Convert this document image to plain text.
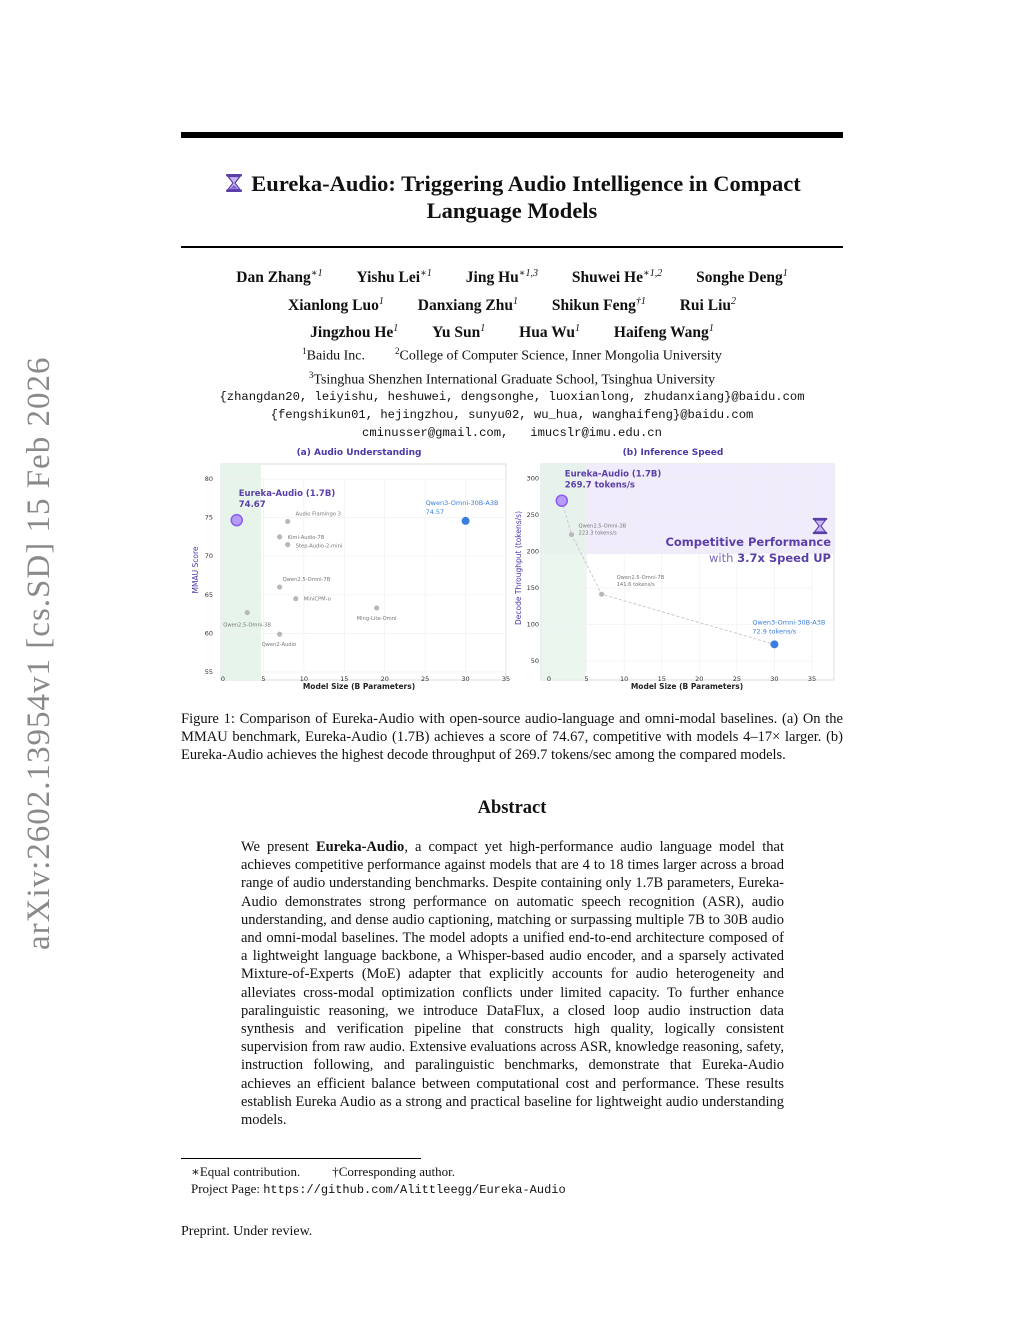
arXiv:2602.13954v1 [cs.SD] 15 Feb 2026
Eureka-Audio: Triggering Audio Intelligence in Compact
Language Models
Dan Zhang$^{∗1}$ Yishu Lei$^{∗1}$ Jing $Hu^{∗1,3}$ Shuwei $He^{∗1,2}$ Songhe Deng$^1$
Xianlong Luo$^1$ Danxiang Zhu$^1$ Shikun Feng$^{\dagger 1}$ Rui Liu$^2$
Jingzhou He$^1$ Yu Sun$^1$ Hua Wu$^1$ Haifeng Wang$^1$
$^1$Baidu Inc.	$^2$College of Computer Science, Inner Mongolia University
$^3$Tsinghua Shenzhen International Graduate School, Tsinghua University
{zhangdan20, leiyishu, heshuwei, dengsonghe, luoxianlong, zhudanxiang}@baidu.com
{fengshikun01, hejingzhou, sunyu02, wu_hua, wanghaifeng}@baidu.com
cminusser@gmail.com, imucslr@imu.edu.cn
(a) Audio Understanding
0	5	10	15	20	25	30	35
55
60
65
70
75
80
Eureka-Audio (1.7B)
74.67	Qwen3-Omni-30B-A3B
74.57
Audio Flamingo 3
Kimi-Audio-7B
Step-Audio-2-mini
Qwen2.5-Omni-7B
MiniCPM-o
Ming-Lite-Omni
Qwen2.5-Omni-3B
Qwen2-Audio
Model Size (B Parameters)
MMAU Score
(b) Inference Speed
0	5	10	15	20	25	30	35
50
100
150
200
250
300	Eureka-Audio (1.7B)
269.7 tokens/s
Qwen2.5-Omni-3B
223.3 tokens/s
Qwen2.5-Omni-7B
141.6 tokens/s
Qwen3-Omni-30B-A3B
72.9 tokens/s
Competitive Performance
with 3.7x Speed UP
Model Size (B Parameters)
Decode Throughput (tokens/s)
Figure 1: Comparison of Eureka-Audio with open-source audio-language and omni-modal baselines. (a) On the MMAU benchmark, Eureka-Audio (1.7B) achieves a score of 74.67, competitive with models 4–17× larger. (b) Eureka-Audio achieves the highest decode throughput of 269.7 tokens/sec among the compared models.
Abstract
We present Eureka-Audio, a compact yet high-performance audio language model that achieves competitive performance against models that are 4 to 18 times larger across a broad range of audio understanding benchmarks. Despite containing only 1.7B parameters, Eureka-Audio demonstrates strong performance on automatic speech recognition (ASR), audio understanding, and dense audio captioning, matching or surpassing multiple 7B to 30B audio and omni-modal baselines. The model adopts a unified end-to-end architecture composed of a lightweight language backbone, a Whisper-based audio encoder, and a sparsely activated Mixture-of-Experts (MoE) adapter that explicitly accounts for audio heterogeneity and alleviates cross-modal optimization conflicts under limited capacity. To further enhance paralinguistic reasoning, we introduce DataFlux, a closed loop audio instruction data synthesis and verification pipeline that constructs high quality, logically consistent supervision from raw audio. Extensive evaluations across ASR, knowledge reasoning, safety, instruction following, and paralinguistic benchmarks, demonstrate that Eureka-Audio achieves an efficient balance between computational cost and performance. These results establish Eureka Audio as a strong and practical baseline for lightweight audio understanding models.
∗Equal contribution. †Corresponding author.
Project Page: https://github.com/Alittleegg/Eureka-Audio
Preprint. Under review.
